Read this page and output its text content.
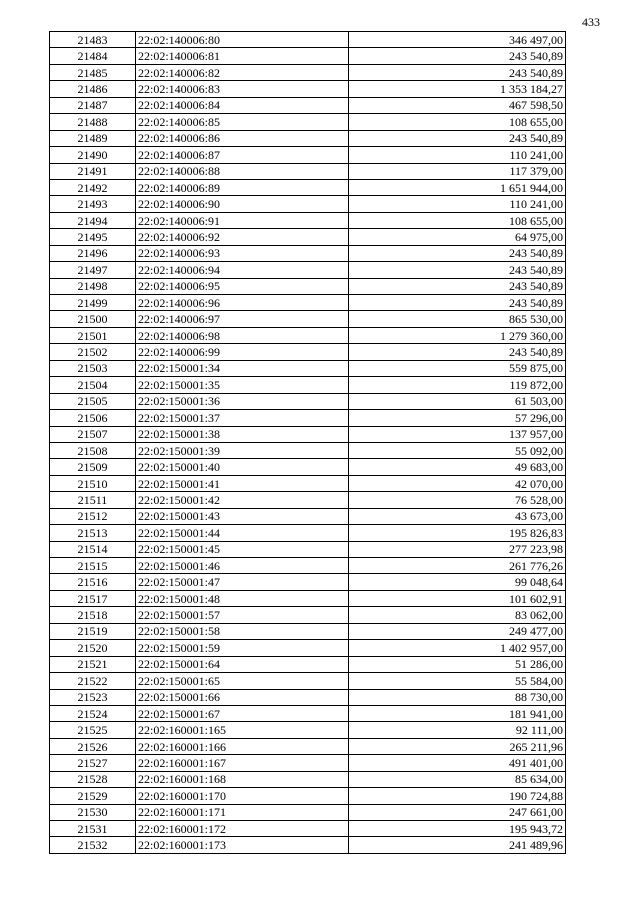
433
21483	22:02:140006:80	346 497,00
21484	22:02:140006:81	243 540,89
21485	22:02:140006:82	243 540,89
21486	22:02:140006:83	1 353 184,27
21487	22:02:140006:84	467 598,50
21488	22:02:140006:85	108 655,00
21489	22:02:140006:86	243 540,89
21490	22:02:140006:87	110 241,00
21491	22:02:140006:88	117 379,00
21492	22:02:140006:89	1 651 944,00
21493	22:02:140006:90	110 241,00
21494	22:02:140006:91	108 655,00
21495	22:02:140006:92	64 975,00
21496	22:02:140006:93	243 540,89
21497	22:02:140006:94	243 540,89
21498	22:02:140006:95	243 540,89
21499	22:02:140006:96	243 540,89
21500	22:02:140006:97	865 530,00
21501	22:02:140006:98	1 279 360,00
21502	22:02:140006:99	243 540,89
21503	22:02:150001:34	559 875,00
21504	22:02:150001:35	119 872,00
21505	22:02:150001:36	61 503,00
21506	22:02:150001:37	57 296,00
21507	22:02:150001:38	137 957,00
21508	22:02:150001:39	55 092,00
21509	22:02:150001:40	49 683,00
21510	22:02:150001:41	42 070,00
21511	22:02:150001:42	76 528,00
21512	22:02:150001:43	43 673,00
21513	22:02:150001:44	195 826,83
21514	22:02:150001:45	277 223,98
21515	22:02:150001:46	261 776,26
21516	22:02:150001:47	99 048,64
21517	22:02:150001:48	101 602,91
21518	22:02:150001:57	83 062,00
21519	22:02:150001:58	249 477,00
21520	22:02:150001:59	1 402 957,00
21521	22:02:150001:64	51 286,00
21522	22:02:150001:65	55 584,00
21523	22:02:150001:66	88 730,00
21524	22:02:150001:67	181 941,00
21525	22:02:160001:165	92 111,00
21526	22:02:160001:166	265 211,96
21527	22:02:160001:167	491 401,00
21528	22:02:160001:168	85 634,00
21529	22:02:160001:170	190 724,88
21530	22:02:160001:171	247 661,00
21531	22:02:160001:172	195 943,72
21532	22:02:160001:173	241 489,96
